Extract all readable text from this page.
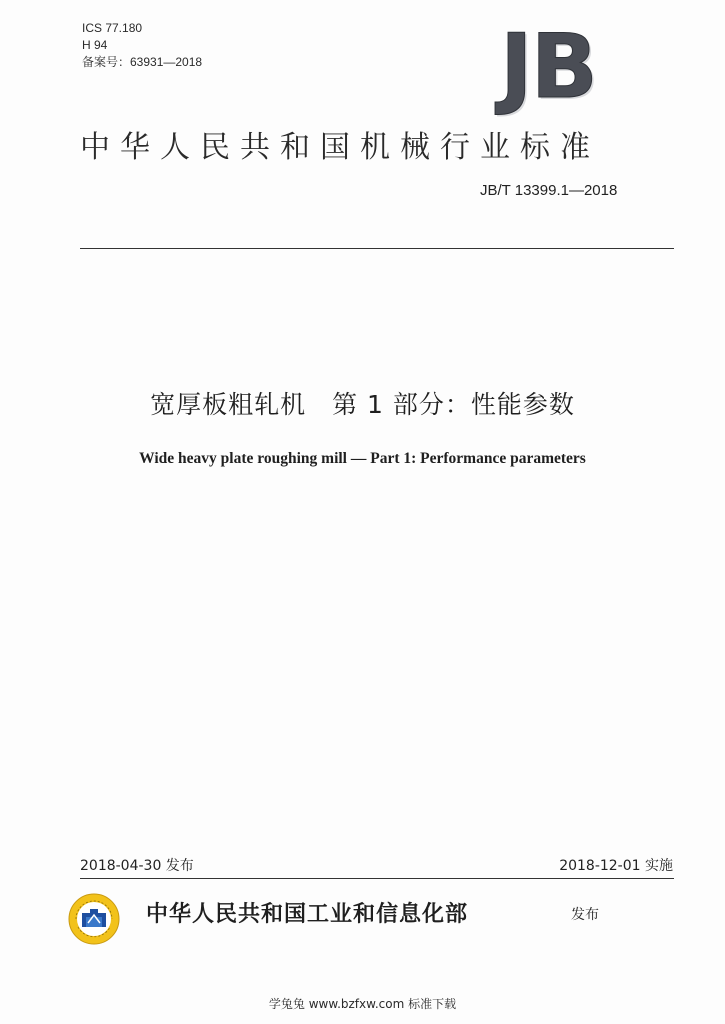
ICS 77.180
H 94
备案号：63931—2018	JB
中华人民共和国机械行业标准
JB/T 13399.1—2018
宽厚板粗轧机　第 1 部分：性能参数
Wide heavy plate roughing mill — Part 1: Performance parameters
2018-04-30 发布	2018-12-01 实施
中华人民共和国工业和信息化部	发布
学兔兔 www.bzfxw.com 标准下载
